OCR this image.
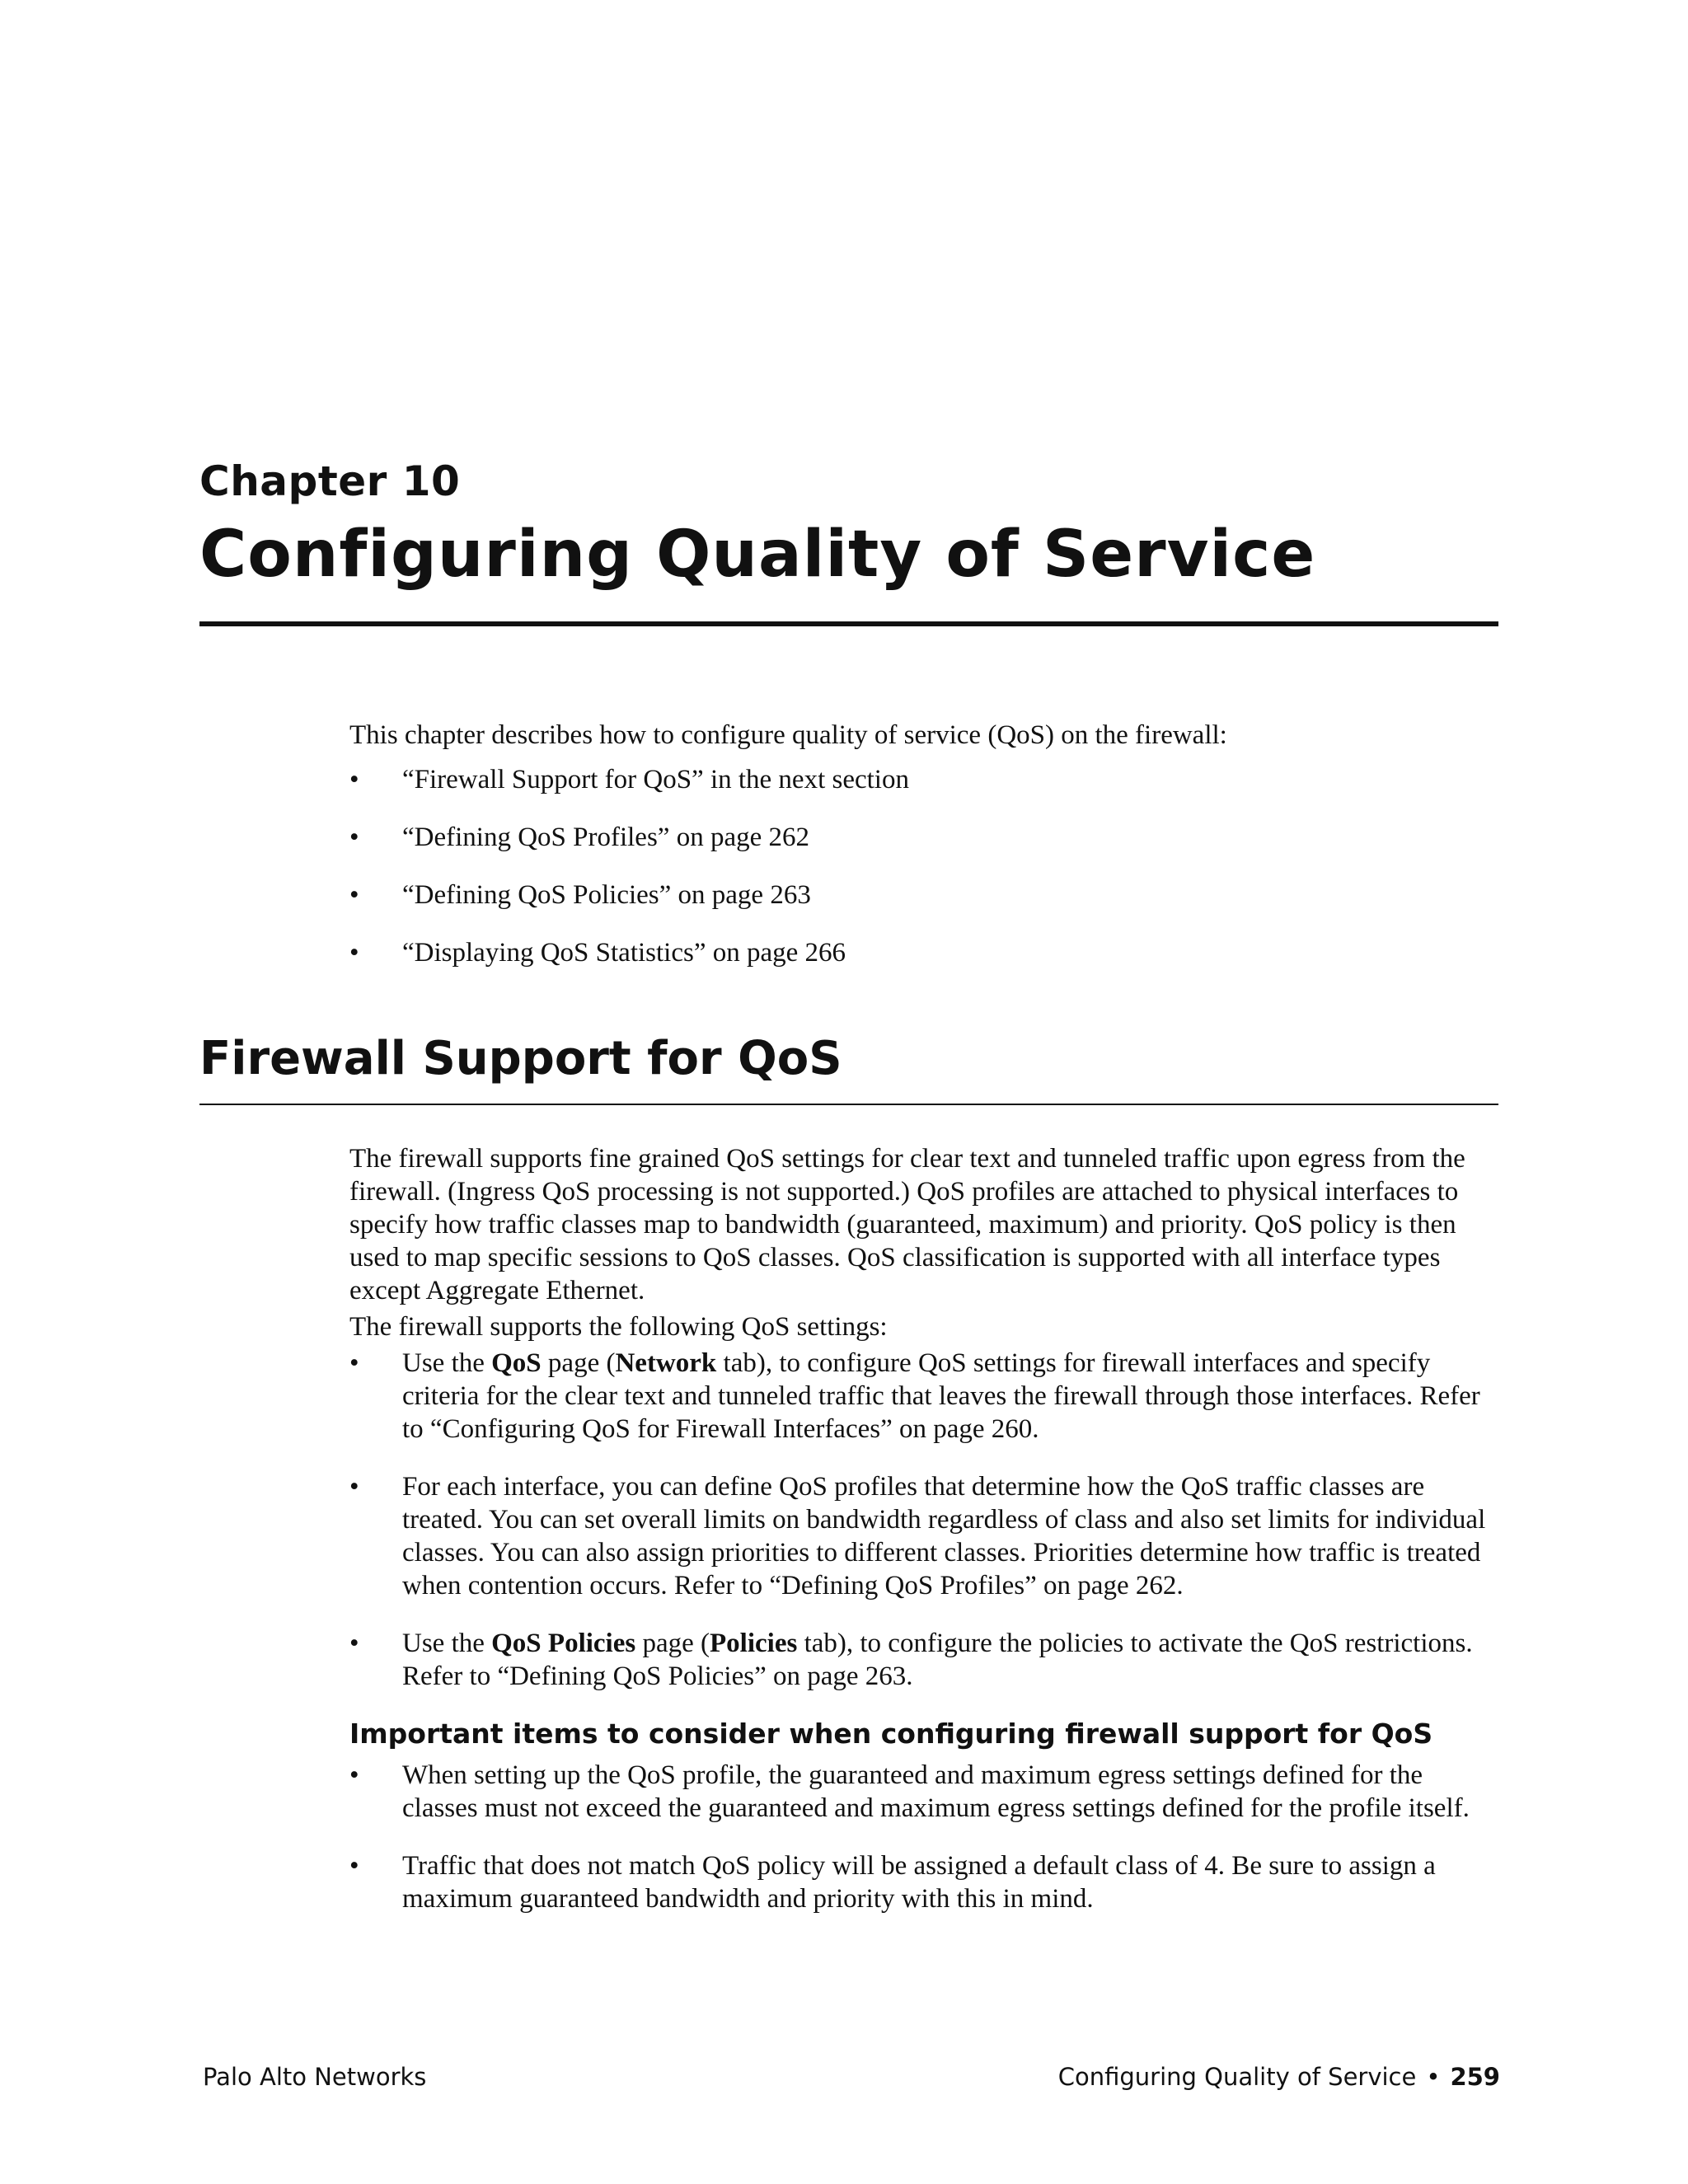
Chapter 10
Configuring Quality of Service
This chapter describes how to configure quality of service (QoS) on the firewall:
• “Firewall Support for QoS” in the next section
• “Defining QoS Profiles” on page 262
• “Defining QoS Policies” on page 263
• “Displaying QoS Statistics” on page 266
Firewall Support for QoS

The firewall supports fine grained QoS settings for clear text and tunneled traffic upon egress from the firewall. (Ingress QoS processing is not supported.) QoS profiles are attached to physical interfaces to specify how traffic classes map to bandwidth (guaranteed, maximum) and priority. QoS policy is then used to map specific sessions to QoS classes. QoS classification is supported with all interface types except Aggregate Ethernet.

The firewall supports the following QoS settings:

• Use the QoS page (Network tab), to configure QoS settings for firewall interfaces and specify criteria for the clear text and tunneled traffic that leaves the firewall through those interfaces. Refer to “Configuring QoS for Firewall Interfaces” on page 260.
• For each interface, you can define QoS profiles that determine how the QoS traffic classes are treated. You can set overall limits on bandwidth regardless of class and also set limits for individual classes. You can also assign priorities to different classes. Priorities determine how traffic is treated when contention occurs. Refer to “Defining QoS Profiles” on page 262.
• Use the QoS Policies page (Policies tab), to configure the policies to activate the QoS restrictions. Refer to “Defining QoS Policies” on page 263.
Important items to consider when configuring firewall support for QoS
• When setting up the QoS profile, the guaranteed and maximum egress settings defined for the classes must not exceed the guaranteed and maximum egress settings defined for the profile itself.
• Traffic that does not match QoS policy will be assigned a default class of 4. Be sure to assign a maximum guaranteed bandwidth and priority with this in mind.
Palo Alto Networks	Configuring Quality of Service • 259
